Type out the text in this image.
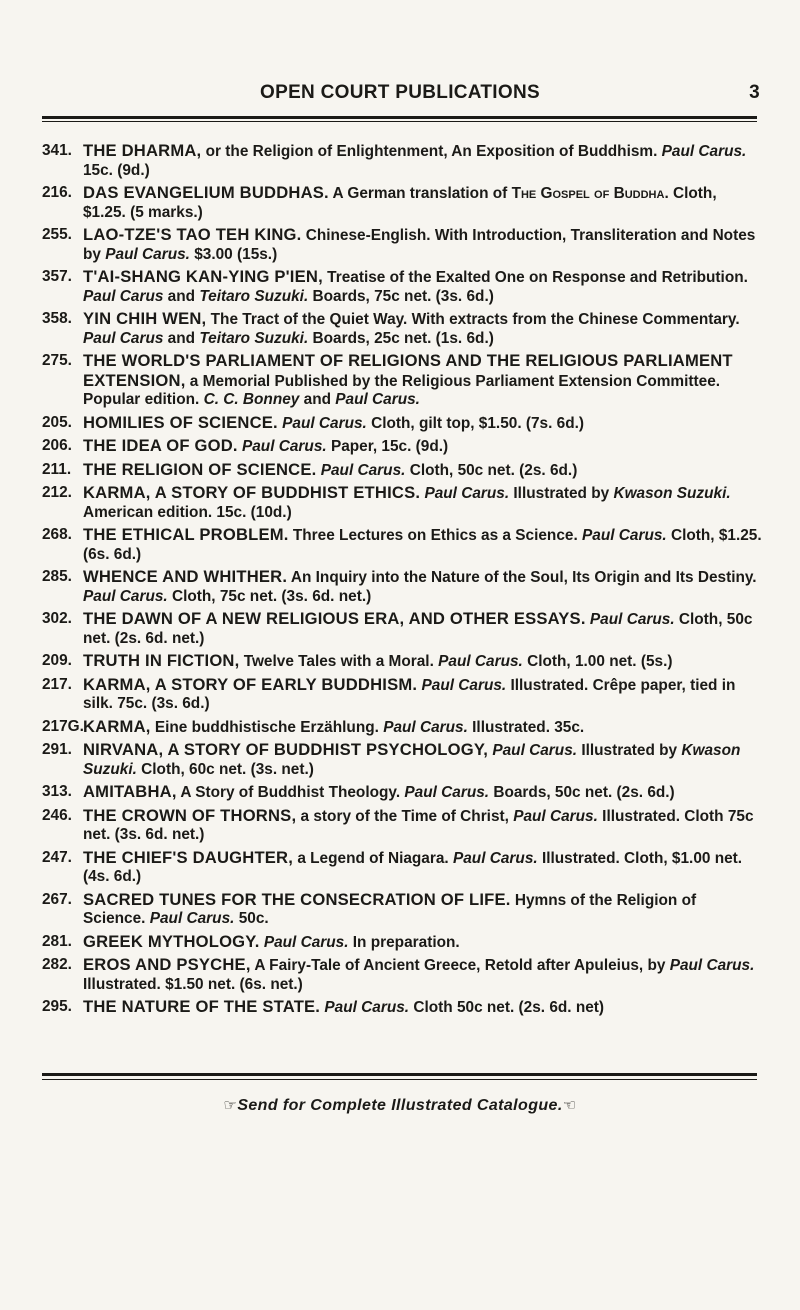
OPEN COURT PUBLICATIONS	3
341. THE DHARMA, or the Religion of Enlightenment, An Exposition of Buddhism. Paul Carus. 15c. (9d.)
216. DAS EVANGELIUM BUDDHAS. A German translation of The Gospel of Buddha. Cloth, $1.25. (5 marks.)
255. LAO-TZE'S TAO TEH KING. Chinese-English. With Introduction, Transliteration and Notes by Paul Carus. $3.00 (15s.)
357. T'AI-SHANG KAN-YING P'IEN, Treatise of the Exalted One on Response and Retribution. Paul Carus and Teitaro Suzuki. Boards, 75c net. (3s. 6d.)
358. YIN CHIH WEN, The Tract of the Quiet Way. With extracts from the Chinese Commentary. Paul Carus and Teitaro Suzuki. Boards, 25c net. (1s. 6d.)
275. THE WORLD'S PARLIAMENT OF RELIGIONS AND THE RELIGIOUS PARLIAMENT EXTENSION, a Memorial Published by the Religious Parliament Extension Committee. Popular edition. C. C. Bonney and Paul Carus.
205. HOMILIES OF SCIENCE. Paul Carus. Cloth, gilt top, $1.50. (7s. 6d.)
206. THE IDEA OF GOD. Paul Carus. Paper, 15c. (9d.)
211. THE RELIGION OF SCIENCE. Paul Carus. Cloth, 50c net. (2s. 6d.)
212. KARMA, A STORY OF BUDDHIST ETHICS. Paul Carus. Illustrated by Kwason Suzuki. American edition. 15c. (10d.)
268. THE ETHICAL PROBLEM. Three Lectures on Ethics as a Science. Paul Carus. Cloth, $1.25. (6s. 6d.)
285. WHENCE AND WHITHER. An Inquiry into the Nature of the Soul, Its Origin and Its Destiny. Paul Carus. Cloth, 75c net. (3s. 6d. net.)
302. THE DAWN OF A NEW RELIGIOUS ERA, AND OTHER ESSAYS. Paul Carus. Cloth, 50c net. (2s. 6d. net.)
209. TRUTH IN FICTION, Twelve Tales with a Moral. Paul Carus. Cloth, 1.00 net. (5s.)
217. KARMA, A STORY OF EARLY BUDDHISM. Paul Carus. Illustrated. Crêpe paper, tied in silk. 75c. (3s. 6d.)
217G. KARMA, Eine buddhistische Erzählung. Paul Carus. Illustrated. 35c.
291. NIRVANA, A STORY OF BUDDHIST PSYCHOLOGY, Paul Carus. Illustrated by Kwason Suzuki. Cloth, 60c net. (3s. net.)
313. AMITABHA, A Story of Buddhist Theology. Paul Carus. Boards, 50c net. (2s. 6d.)
246. THE CROWN OF THORNS, a story of the Time of Christ, Paul Carus. Illustrated. Cloth 75c net. (3s. 6d. net.)
247. THE CHIEF'S DAUGHTER, a Legend of Niagara. Paul Carus. Illustrated. Cloth, $1.00 net. (4s. 6d.)
267. SACRED TUNES FOR THE CONSECRATION OF LIFE. Hymns of the Religion of Science. Paul Carus. 50c.
281. GREEK MYTHOLOGY. Paul Carus. In preparation.
282. EROS AND PSYCHE, A Fairy-Tale of Ancient Greece, Retold after Apuleius, by Paul Carus. Illustrated. $1.50 net. (6s. net.)
295. THE NATURE OF THE STATE. Paul Carus. Cloth 50c net. (2s. 6d. net)
☞Send for Complete Illustrated Catalogue.☜
